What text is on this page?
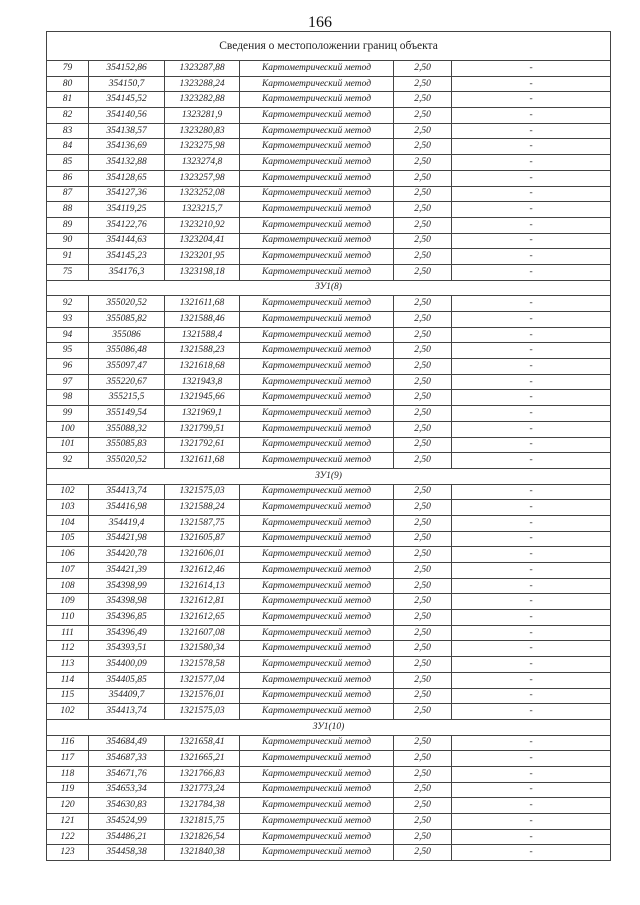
166
Сведения о местоположении границ объекта					
79	354152,86	1323287,88	Картометрический метод	2,50	-
80	354150,7	1323288,24	Картометрический метод	2,50	-
81	354145,52	1323282,88	Картометрический метод	2,50	-
82	354140,56	1323281,9	Картометрический метод	2,50	-
83	354138,57	1323280,83	Картометрический метод	2,50	-
84	354136,69	1323275,98	Картометрический метод	2,50	-
85	354132,88	1323274,8	Картометрический метод	2,50	-
86	354128,65	1323257,98	Картометрический метод	2,50	-
87	354127,36	1323252,08	Картометрический метод	2,50	-
88	354119,25	1323215,7	Картометрический метод	2,50	-
89	354122,76	1323210,92	Картометрический метод	2,50	-
90	354144,63	1323204,41	Картометрический метод	2,50	-
91	354145,23	1323201,95	Картометрический метод	2,50	-
75	354176,3	1323198,18	Картометрический метод	2,50	-
ЗУ1(8)					
92	355020,52	1321611,68	Картометрический метод	2,50	-
93	355085,82	1321588,46	Картометрический метод	2,50	-
94	355086	1321588,4	Картометрический метод	2,50	-
95	355086,48	1321588,23	Картометрический метод	2,50	-
96	355097,47	1321618,68	Картометрический метод	2,50	-
97	355220,67	1321943,8	Картометрический метод	2,50	-
98	355215,5	1321945,66	Картометрический метод	2,50	-
99	355149,54	1321969,1	Картометрический метод	2,50	-
100	355088,32	1321799,51	Картометрический метод	2,50	-
101	355085,83	1321792,61	Картометрический метод	2,50	-
92	355020,52	1321611,68	Картометрический метод	2,50	-
ЗУ1(9)					
102	354413,74	1321575,03	Картометрический метод	2,50	-
103	354416,98	1321588,24	Картометрический метод	2,50	-
104	354419,4	1321587,75	Картометрический метод	2,50	-
105	354421,98	1321605,87	Картометрический метод	2,50	-
106	354420,78	1321606,01	Картометрический метод	2,50	-
107	354421,39	1321612,46	Картометрический метод	2,50	-
108	354398,99	1321614,13	Картометрический метод	2,50	-
109	354398,98	1321612,81	Картометрический метод	2,50	-
110	354396,85	1321612,65	Картометрический метод	2,50	-
111	354396,49	1321607,08	Картометрический метод	2,50	-
112	354393,51	1321580,34	Картометрический метод	2,50	-
113	354400,09	1321578,58	Картометрический метод	2,50	-
114	354405,85	1321577,04	Картометрический метод	2,50	-
115	354409,7	1321576,01	Картометрический метод	2,50	-
102	354413,74	1321575,03	Картометрический метод	2,50	-
ЗУ1(10)					
116	354684,49	1321658,41	Картометрический метод	2,50	-
117	354687,33	1321665,21	Картометрический метод	2,50	-
118	354671,76	1321766,83	Картометрический метод	2,50	-
119	354653,34	1321773,24	Картометрический метод	2,50	-
120	354630,83	1321784,38	Картометрический метод	2,50	-
121	354524,99	1321815,75	Картометрический метод	2,50	-
122	354486,21	1321826,54	Картометрический метод	2,50	-
123	354458,38	1321840,38	Картометрический метод	2,50	-
